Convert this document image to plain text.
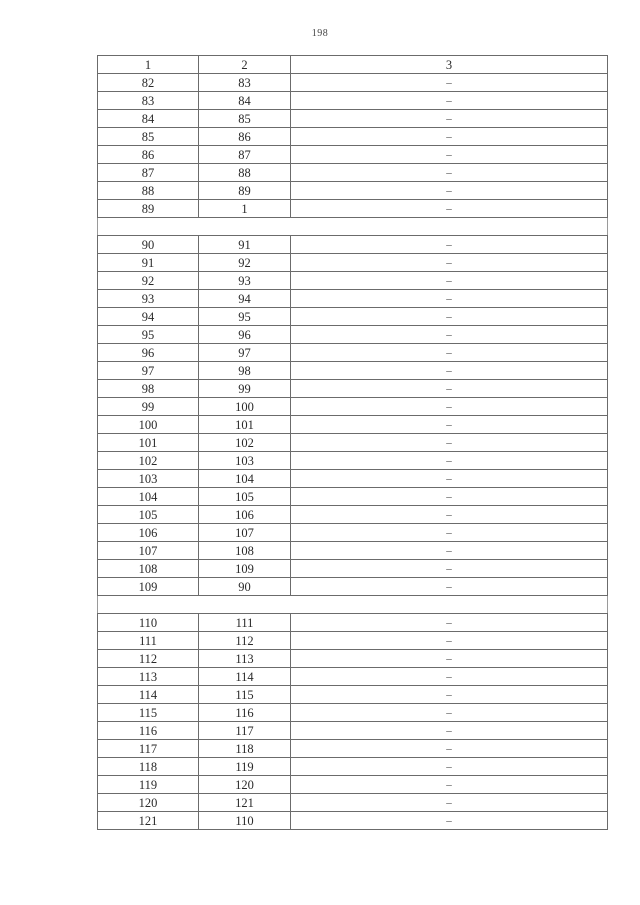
198
1	2	3
82	83	–
83	84	–
84	85	–
85	86	–
86	87	–
87	88	–
88	89	–
89	1	–

90	91	–
91	92	–
92	93	–
93	94	–
94	95	–
95	96	–
96	97	–
97	98	–
98	99	–
99	100	–
100	101	–
101	102	–
102	103	–
103	104	–
104	105	–
105	106	–
106	107	–
107	108	–
108	109	–
109	90	–

110	111	–
111	112	–
112	113	–
113	114	–
114	115	–
115	116	–
116	117	–
117	118	–
118	119	–
119	120	–
120	121	–
121	110	–
